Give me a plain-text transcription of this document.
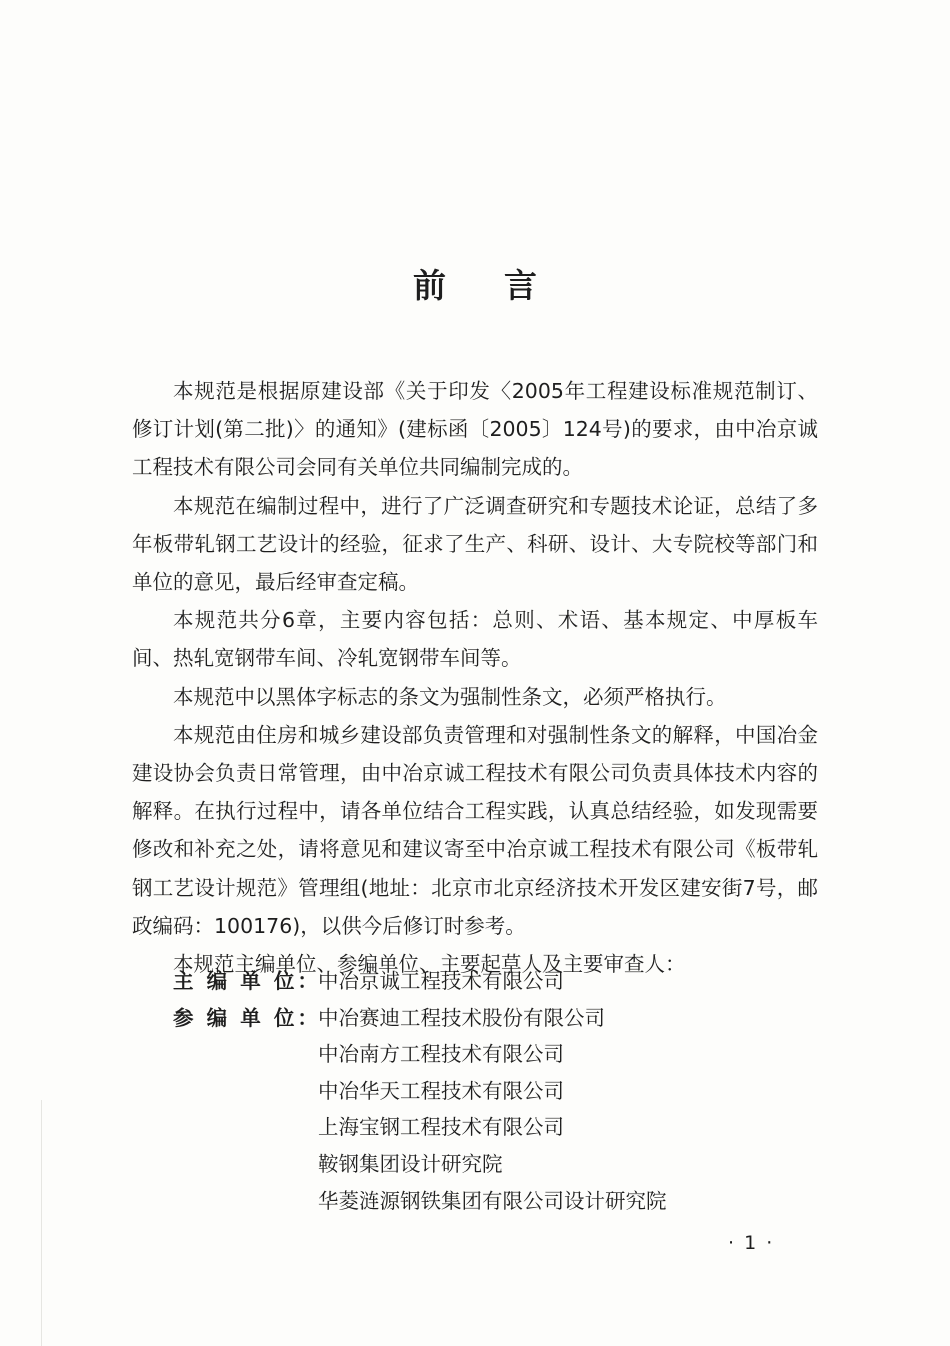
前 言

本规范是根据原建设部《关于印发〈2005年工程建设标准规范制订、修订计划(第二批)〉的通知》(建标函〔2005〕124号)的要求，由中冶京诚工程技术有限公司会同有关单位共同编制完成的。

本规范在编制过程中，进行了广泛调查研究和专题技术论证，总结了多年板带轧钢工艺设计的经验，征求了生产、科研、设计、大专院校等部门和单位的意见，最后经审查定稿。

本规范共分6章，主要内容包括：总则、术语、基本规定、中厚板车间、热轧宽钢带车间、冷轧宽钢带车间等。

本规范中以黑体字标志的条文为强制性条文，必须严格执行。

本规范由住房和城乡建设部负责管理和对强制性条文的解释，中国冶金建设协会负责日常管理，由中冶京诚工程技术有限公司负责具体技术内容的解释。在执行过程中，请各单位结合工程实践，认真总结经验，如发现需要修改和补充之处，请将意见和建议寄至中冶京诚工程技术有限公司《板带轧钢工艺设计规范》管理组(地址：北京市北京经济技术开发区建安街7号，邮政编码：100176)，以供今后修订时参考。

本规范主编单位、参编单位、主要起草人及主要审查人：

主 编 单 位：
中冶京诚工程技术有限公司
参 编 单 位：
中冶赛迪工程技术股份有限公司
中冶南方工程技术有限公司
中冶华天工程技术有限公司
上海宝钢工程技术有限公司
鞍钢集团设计研究院
华菱涟源钢铁集团有限公司设计研究院
· 1 ·
